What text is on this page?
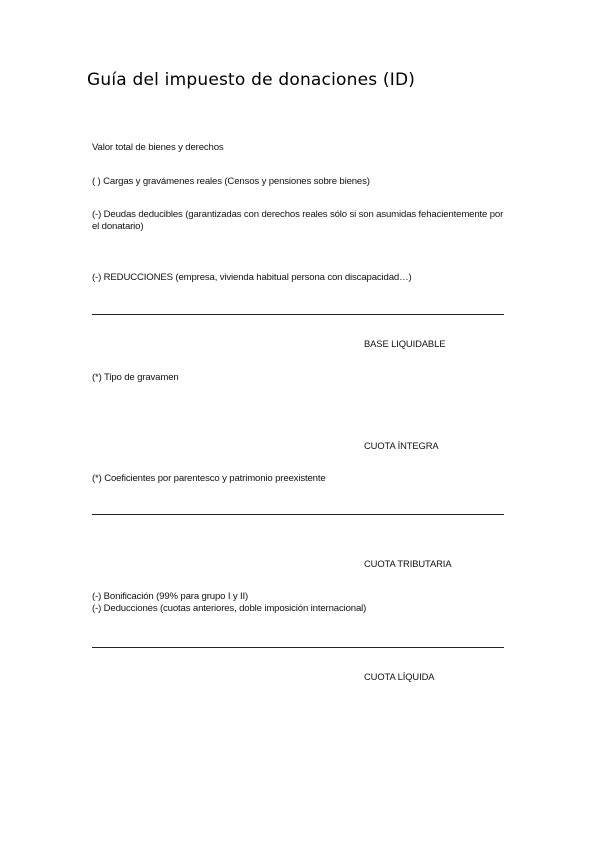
Guía del impuesto de donaciones (ID)
Valor total de bienes y derechos
( ) Cargas y gravámenes reales (Censos y pensiones sobre bienes)
(-) Deudas deducibles (garantizadas con derechos reales sólo si son asumidas fehacientemente por el donatario)
(-) REDUCCIONES (empresa, vivienda habitual persona con discapacidad…)
BASE LIQUIDABLE
(*) Tipo de gravamen
CUOTA ÍNTEGRA
(*) Coeficientes por parentesco y patrimonio preexistente
CUOTA TRIBUTARIA
(-) Bonificación (99% para grupo I y II)
(-) Deducciones (cuotas anteriores, doble imposición internacional)
CUOTA LÍQUIDA
